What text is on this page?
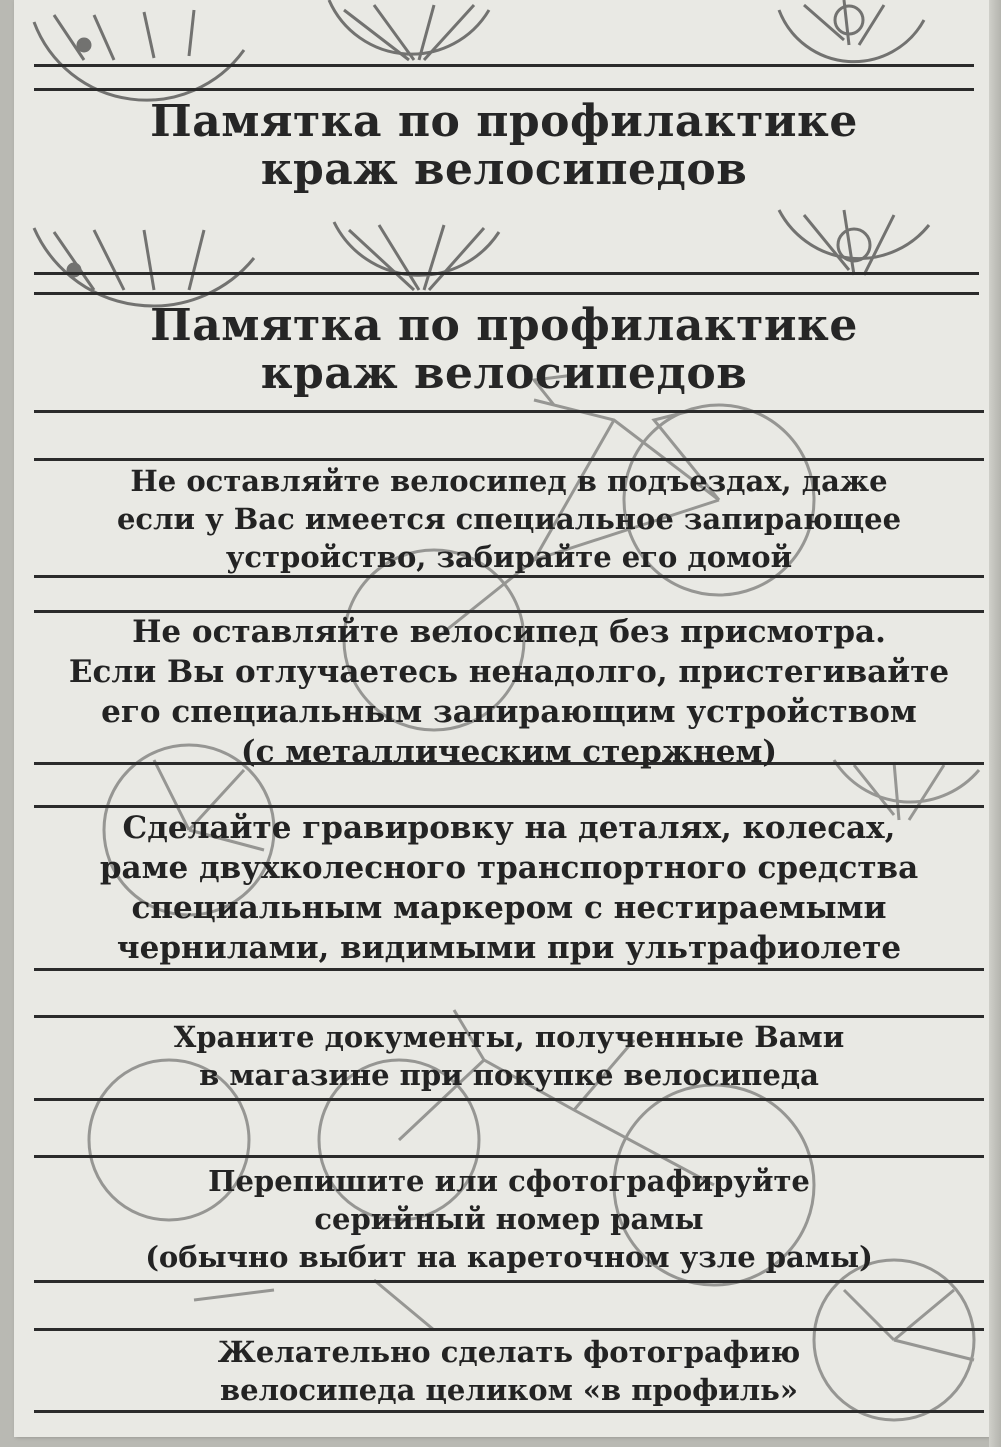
Памятка по профилактике
краж велосипедов
Памятка по профилактике
краж велосипедов
Не оставляйте велосипед в подъездах, даже
если у Вас имеется специальное запирающее
устройство, забирайте его домой
Не оставляйте велосипед без присмотра.
Если Вы отлучаетесь ненадолго, пристегивайте
его специальным запирающим устройством
(с металлическим стержнем)
Сделайте гравировку на деталях, колесах,
раме двухколесного транспортного средства
специальным маркером с нестираемыми
чернилами, видимыми при ультрафиолете
Храните документы, полученные Вами
в магазине при покупке велосипеда
Перепишите или сфотографируйте
серийный номер рамы
(обычно выбит на кареточном узле рамы)
Желательно сделать фотографию
велосипеда целиком «в профиль»
